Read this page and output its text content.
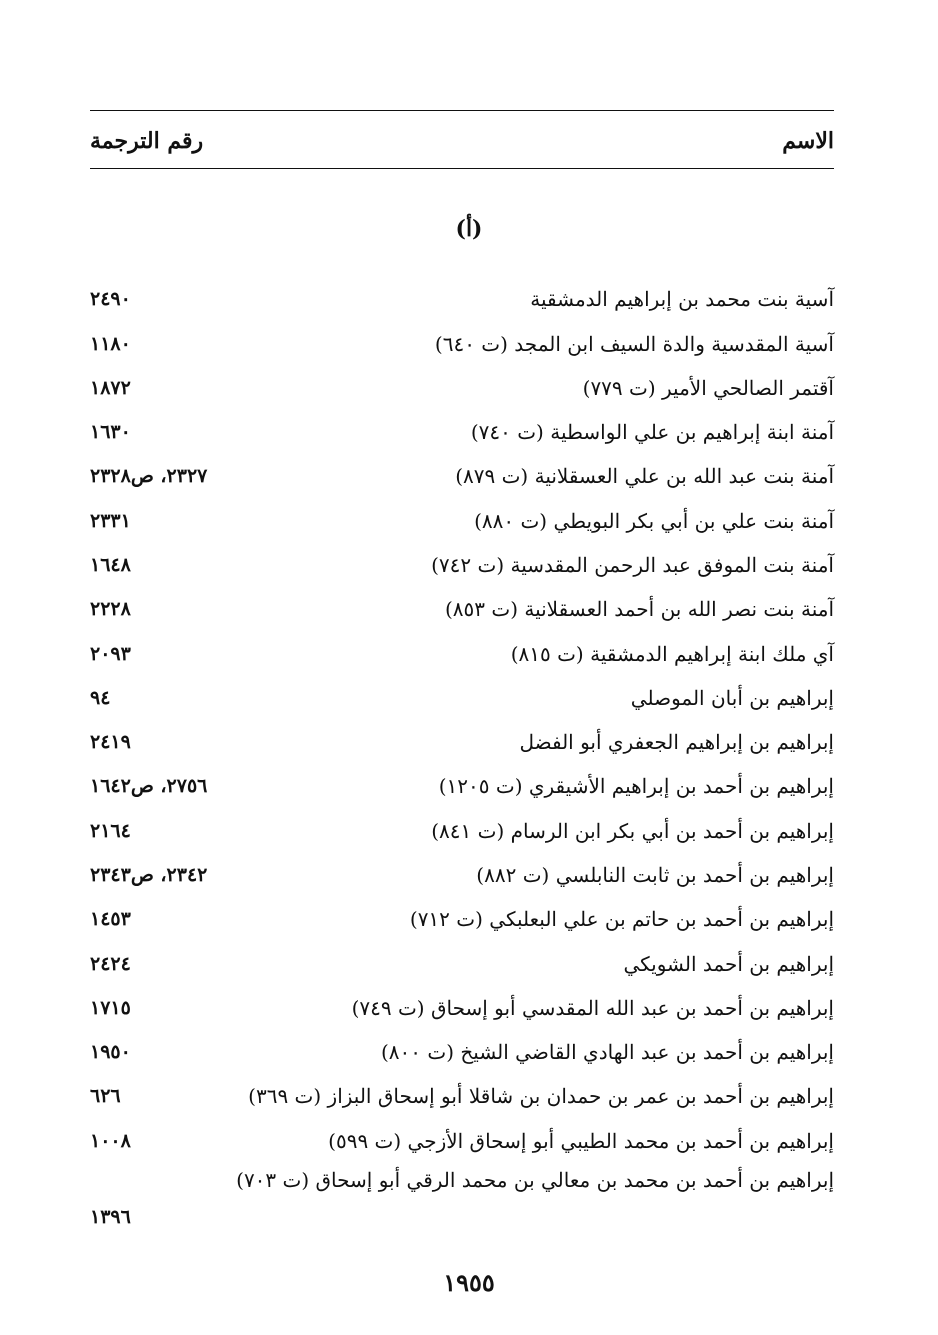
الاسم
رقم الترجمة
(أ)
آسية بنت محمد بن إبراهيم الدمشقية
٢٤٩٠
آسية المقدسية والدة السيف ابن المجد (ت ٦٤٠)
١١٨٠
آقتمر الصالحي الأمير (ت ٧٧٩)
١٨٧٢
آمنة ابنة إبراهيم بن علي الواسطية (ت ٧٤٠)
١٦٣٠
آمنة بنت عبد الله بن علي العسقلانية (ت ٨٧٩)
٢٣٢٧، ص٢٣٢٨
آمنة بنت علي بن أبي بكر البويطي (ت ٨٨٠)
٢٣٣١
آمنة بنت الموفق عبد الرحمن المقدسية (ت ٧٤٢)
١٦٤٨
آمنة بنت نصر الله بن أحمد العسقلانية (ت ٨٥٣)
٢٢٢٨
آي ملك ابنة إبراهيم الدمشقية (ت ٨١٥)
٢٠٩٣
إبراهيم بن أبان الموصلي
٩٤
إبراهيم بن إبراهيم الجعفري أبو الفضل
٢٤١٩
إبراهيم بن أحمد بن إبراهيم الأشيقري (ت ١٢٠٥)
٢٧٥٦، ص١٦٤٢
إبراهيم بن أحمد بن أبي بكر ابن الرسام (ت ٨٤١)
٢١٦٤
إبراهيم بن أحمد بن ثابت النابلسي (ت ٨٨٢)
٢٣٤٢، ص٢٣٤٣
إبراهيم بن أحمد بن حاتم بن علي البعلبكي (ت ٧١٢)
١٤٥٣
إبراهيم بن أحمد الشويكي
٢٤٢٤
إبراهيم بن أحمد بن عبد الله المقدسي أبو إسحاق (ت ٧٤٩)
١٧١٥
إبراهيم بن أحمد بن عبد الهادي القاضي الشيخ (ت ٨٠٠)
١٩٥٠
إبراهيم بن أحمد بن عمر بن حمدان بن شاقلا أبو إسحاق البزاز (ت ٣٦٩)
٦٢٦
إبراهيم بن أحمد بن محمد الطيبي أبو إسحاق الأزجي (ت ٥٩٩)
١٠٠٨
إبراهيم بن أحمد بن محمد بن معالي بن محمد الرقي أبو إسحاق (ت ٧٠٣)
١٣٩٦
١٩٥٥
